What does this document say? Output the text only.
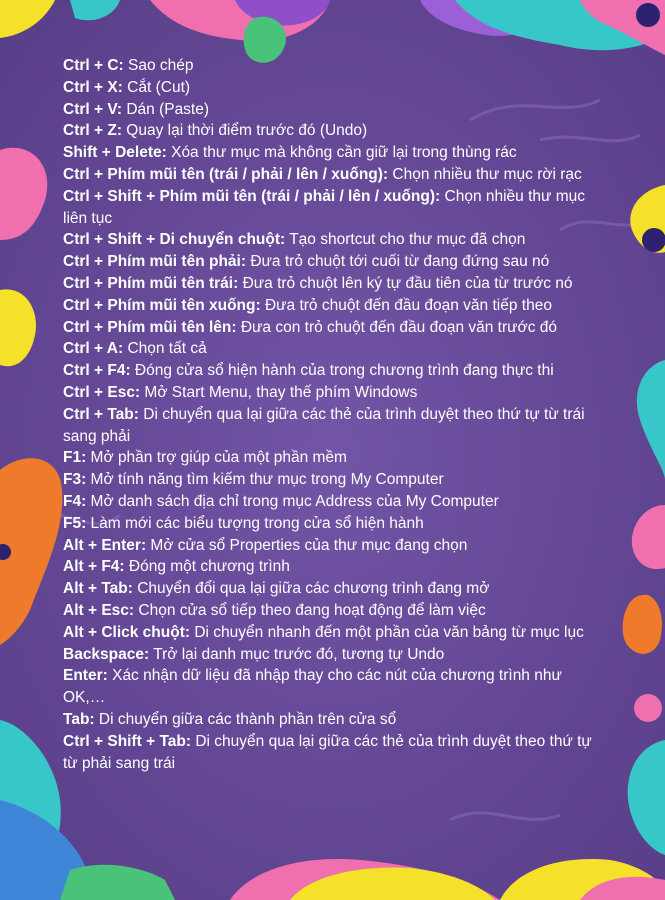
Ctrl + C: Sao chép

Ctrl + X: Cắt (Cut)

Ctrl + V: Dán (Paste)

Ctrl + Z: Quay lại thời điểm trước đó (Undo)

Shift + Delete: Xóa thư mục mà không cần giữ lại trong thùng rác

Ctrl + Phím mũi tên (trái / phải / lên / xuống): Chọn nhiều thư mục rời rạc

Ctrl + Shift + Phím mũi tên (trái / phải / lên / xuống): Chọn nhiều thư mục liên tục

Ctrl + Shift + Di chuyển chuột: Tạo shortcut cho thư mục đã chọn

Ctrl + Phím mũi tên phải: Đưa trỏ chuột tới cuối từ đang đứng sau nó

Ctrl + Phím mũi tên trái: Đưa trỏ chuột lên ký tự đầu tiên của từ trước nó

Ctrl + Phím mũi tên xuống: Đưa trỏ chuột đến đầu đoạn văn tiếp theo

Ctrl + Phím mũi tên lên: Đưa con trỏ chuột đến đầu đoạn văn trước đó

Ctrl + A: Chọn tất cả

Ctrl + F4: Đóng cửa sổ hiện hành của trong chương trình đang thực thi

Ctrl + Esc: Mở Start Menu, thay thế phím Windows

Ctrl + Tab: Di chuyển qua lại giữa các thẻ của trình duyệt theo thứ tự từ trái sang phải

F1: Mở phần trợ giúp của một phần mềm

F3: Mở tính năng tìm kiếm thư mục trong My Computer

F4: Mở danh sách địa chỉ trong mục Address của My Computer

F5: Làm mới các biểu tượng trong cửa sổ hiện hành

Alt + Enter: Mở cửa sổ Properties của thư mục đang chọn

Alt + F4: Đóng một chương trình

Alt + Tab: Chuyển đổi qua lại giữa các chương trình đang mở

Alt + Esc: Chọn cửa sổ tiếp theo đang hoạt động để làm việc

Alt + Click chuột: Di chuyển nhanh đến một phần của văn bảng từ mục lục

Backspace: Trở lại danh mục trước đó, tương tự Undo

Enter: Xác nhận dữ liệu đã nhập thay cho các nút của chương trình như OK,…

Tab: Di chuyển giữa các thành phần trên cửa sổ

Ctrl + Shift + Tab: Di chuyển qua lại giữa các thẻ của trình duyệt theo thứ tự từ phải sang trái
